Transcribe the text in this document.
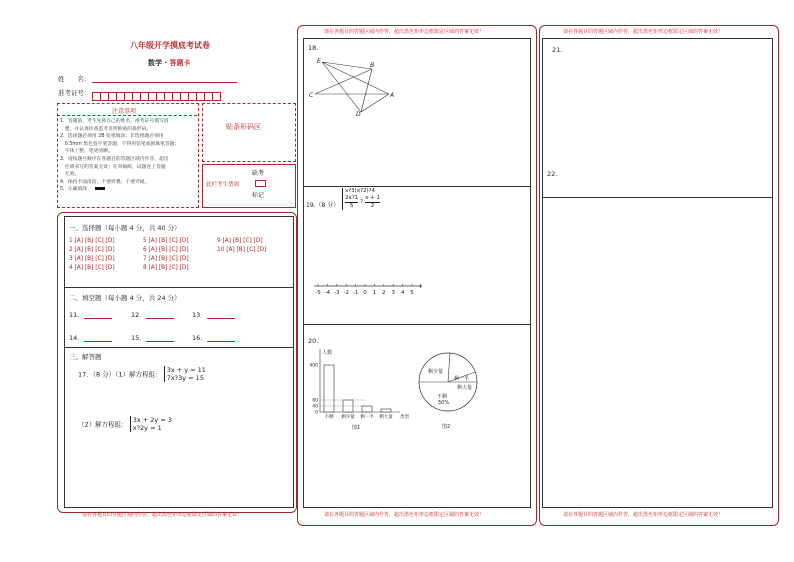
八年级开学摸底考试卷
数学 · 答题卡
姓　　名：
准考证号：
注意事项
1．答题前，考生先将自己的姓名，准考证号填写清
　楚，并认真检查监考员所粘贴的条形码。
2．选择题必须用 2B 铅笔填涂；非选择题必须用
　0.5mm 黑色签字笔答题，不得用铅笔或圆珠笔答题；
　字体工整、笔迹清晰。
3．请按题号顺序在各题目的答题区域内作答，超出
　区域书写的答案无效；在草稿纸、试题卷上答题
　无效。
4．保持卡面清洁，不要折叠、不要弄破。
5．正确填涂
贴条形码区
缺考
此栏考生禁填
标记
一、选择题（每小题 4 分，共 40 分）
1 [A] [B] [C] [D]	5 [A] [B] [C] [D]	9 [A] [B] [C] [D]
2 [A] [B] [C] [D]	6 [A] [B] [C] [D]	10 [A] [B] [C] [D]
3 [A] [B] [C] [D]	7 [A] [B] [C] [D]
4 [A] [B] [C] [D]	8 [A] [B] [C] [D]
二、填空题（每小题 4 分，共 24 分）
11．	12．	13．
14．	15．	16．
三、解答题
17．（8 分）（1）解方程组：
3x + y = 11
7x?3y = 15
（2）解方程组：
3x + 2y = 3
x?2y = 1
请在各题目的答题区域内作答，超出黑色矩形边框限定区域的答案无效！
请在各题目的答题区域内作答，超出黑色矩形边框限定区域的答案无效！
18.
E
B
C	A
D
19.（8 分）
x?3(x?2)?4
2x?1
5
?
x + 1
2
-5 -4 -3 -2 -1 0 1 2 3 4 5
20.
人数
400
80
40
0
不剩 剩少量 剩一半 剩大量 类型
图1
剩少量
剩一半
剩大量
不剩
50%
图2
请在各题目的答题区域内作答，超出黑色矩形边框限定区域的答案无效！
请在各题目的答题区域内作答，超出黑色矩形边框限定区域的答案无效！
21.
22.
请在各题目的答题区域内作答，超出黑色矩形边框限定区域的答案无效！
